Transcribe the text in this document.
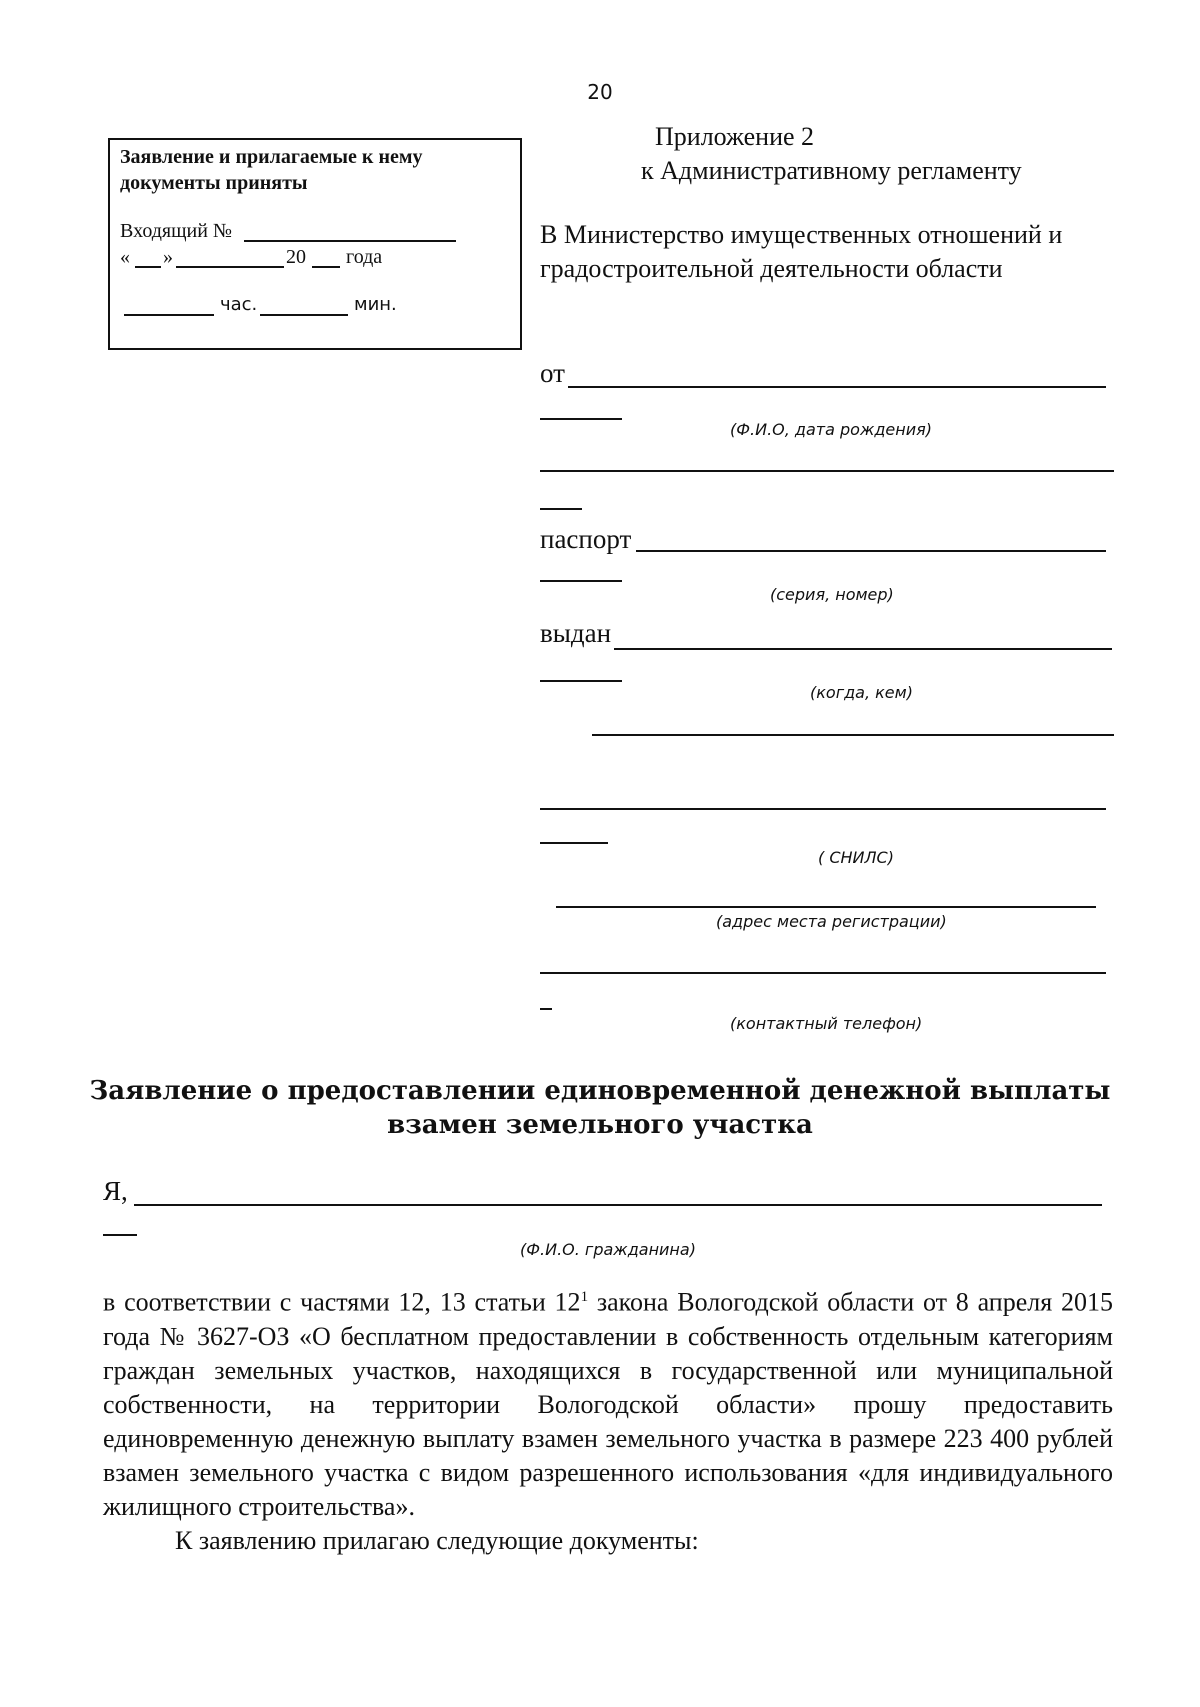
20
Заявление и прилагаемые к нему документы приняты
Входящий №
« »	20 года
час.	мин.
Приложение 2
к Административному регламенту
В Министерство имущественных отношений и
градостроительной деятельности области
от
(Ф.И.О, дата рождения)
паспорт
(серия, номер)
выдан
(когда, кем)
( СНИЛС)
(адрес места регистрации)
(контактный телефон)
Заявление о предоставлении единовременной денежной выплаты
взамен земельного участка
Я,
(Ф.И.О. гражданина)

в соответствии с частями 12, 13 статьи $12^1$ закона Вологодской области от 8 апреля 2015 года № 3627-ОЗ «О бесплатном предоставлении в собственность отдельным категориям граждан земельных участков, находящихся в государственной или муниципальной собственности, на территории Вологодской области» прошу предоставить единовременную денежную выплату взамен земельного участка в размере 223 400 рублей взамен земельного участка с видом разрешенного использования «для индивидуального жилищного строительства».

К заявлению прилагаю следующие документы:
